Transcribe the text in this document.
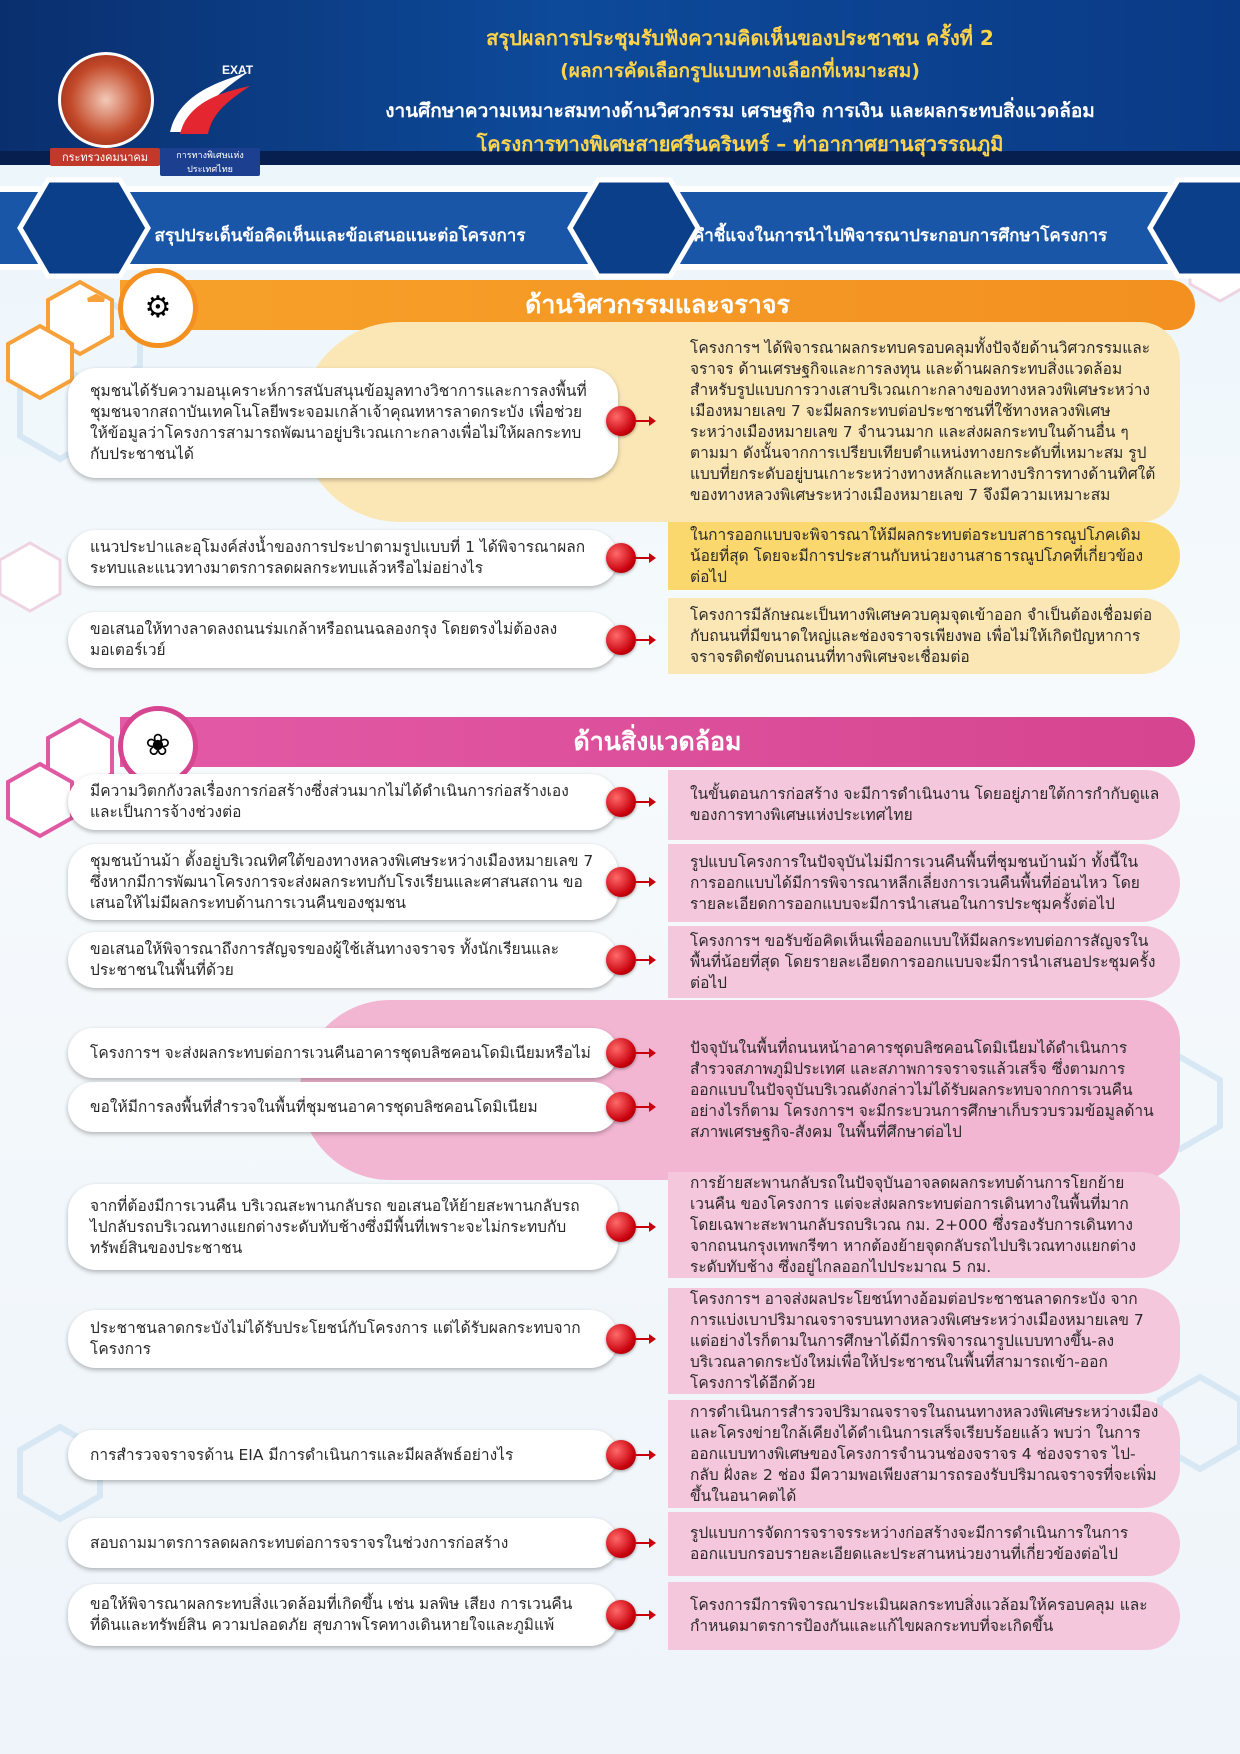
กระทรวงคมนาคม
EXAT
การทางพิเศษแห่งประเทศไทย
สรุปผลการประชุมรับฟังความคิดเห็นของประชาชน ครั้งที่ 2
(ผลการคัดเลือกรูปแบบทางเลือกที่เหมาะสม)
งานศึกษาความเหมาะสมทางด้านวิศวกรรม เศรษฐกิจ การเงิน และผลกระทบสิ่งแวดล้อม
โครงการทางพิเศษสายศรีนครินทร์ – ท่าอากาศยานสุวรรณภูมิ
สรุปประเด็นข้อคิดเห็นและข้อเสนอแนะต่อโครงการ	คำชี้แจงในการนำไปพิจารณาประกอบการศึกษาโครงการ
ด้านวิศวกรรมและจราจร
⚙
โครงการฯ ได้พิจารณาผลกระทบครอบคลุมทั้งปัจจัยด้านวิศวกรรมและจราจร ด้านเศรษฐกิจและการลงทุน และด้านผลกระทบสิ่งแวดล้อม สำหรับรูปแบบการวางเสาบริเวณเกาะกลางของทางหลวงพิเศษระหว่างเมืองหมายเลข 7 จะมีผลกระทบต่อประชาชนที่ใช้ทางหลวงพิเศษระหว่างเมืองหมายเลข 7 จำนวนมาก และส่งผลกระทบในด้านอื่น ๆ ตามมา ดังนั้นจากการเปรียบเทียบตำแหน่งทางยกระดับที่เหมาะสม รูปแบบที่ยกระดับอยู่บนเกาะระหว่างทางหลักและทางบริการทางด้านทิศใต้ของทางหลวงพิเศษระหว่างเมืองหมายเลข 7 จึงมีความเหมาะสม
ชุมชนได้รับความอนุเคราะห์การสนับสนุนข้อมูลทางวิชาการและการลงพื้นที่ชุมชนจากสถาบันเทคโนโลยีพระจอมเกล้าเจ้าคุณทหารลาดกระบัง เพื่อช่วยให้ข้อมูลว่าโครงการสามารถพัฒนาอยู่บริเวณเกาะกลางเพื่อไม่ให้ผลกระทบกับประชาชนได้
ในการออกแบบจะพิจารณาให้มีผลกระทบต่อระบบสาธารณูปโภคเดิมน้อยที่สุด โดยจะมีการประสานกับหน่วยงานสาธารณูปโภคที่เกี่ยวข้องต่อไป
แนวประปาและอุโมงค์ส่งน้ำของการประปาตามรูปแบบที่ 1 ได้พิจารณาผลกระทบและแนวทางมาตรการลดผลกระทบแล้วหรือไม่อย่างไร
โครงการมีลักษณะเป็นทางพิเศษควบคุมจุดเข้าออก จำเป็นต้องเชื่อมต่อกับถนนที่มีขนาดใหญ่และช่องจราจรเพียงพอ เพื่อไม่ให้เกิดปัญหาการจราจรติดขัดบนถนนที่ทางพิเศษจะเชื่อมต่อ
ขอเสนอให้ทางลาดลงถนนร่มเกล้าหรือถนนฉลองกรุง โดยตรงไม่ต้องลงมอเตอร์เวย์
ด้านสิ่งแวดล้อม
❀
ในขั้นตอนการก่อสร้าง จะมีการดำเนินงาน โดยอยู่ภายใต้การกำกับดูแลของการทางพิเศษแห่งประเทศไทย
มีความวิตกกังวลเรื่องการก่อสร้างซึ่งส่วนมากไม่ได้ดำเนินการก่อสร้างเองและเป็นการจ้างช่วงต่อ
รูปแบบโครงการในปัจจุบันไม่มีการเวนคืนพื้นที่ชุมชนบ้านม้า ทั้งนี้ในการออกแบบได้มีการพิจารณาหลีกเลี่ยงการเวนคืนพื้นที่อ่อนไหว โดยรายละเอียดการออกแบบจะมีการนำเสนอในการประชุมครั้งต่อไป
ชุมชนบ้านม้า ตั้งอยู่บริเวณทิศใต้ของทางหลวงพิเศษระหว่างเมืองหมายเลข 7 ซึ่งหากมีการพัฒนาโครงการจะส่งผลกระทบกับโรงเรียนและศาสนสถาน ขอเสนอให้ไม่มีผลกระทบด้านการเวนคืนของชุมชน
โครงการฯ ขอรับข้อคิดเห็นเพื่อออกแบบให้มีผลกระทบต่อการสัญจรในพื้นที่น้อยที่สุด โดยรายละเอียดการออกแบบจะมีการนำเสนอประชุมครั้งต่อไป
ขอเสนอให้พิจารณาถึงการสัญจรของผู้ใช้เส้นทางจราจร ทั้งนักเรียนและประชาชนในพื้นที่ด้วย
ปัจจุบันในพื้นที่ถนนหน้าอาคารชุดบลิซคอนโดมิเนียมได้ดำเนินการสำรวจสภาพภูมิประเทศ และสภาพการจราจรแล้วเสร็จ ซึ่งตามการออกแบบในปัจจุบันบริเวณดังกล่าวไม่ได้รับผลกระทบจากการเวนคืน อย่างไรก็ตาม โครงการฯ จะมีกระบวนการศึกษาเก็บรวบรวมข้อมูลด้านสภาพเศรษฐกิจ-สังคม ในพื้นที่ศึกษาต่อไป
โครงการฯ จะส่งผลกระทบต่อการเวนคืนอาคารชุดบลิซคอนโดมิเนียมหรือไม่
ขอให้มีการลงพื้นที่สำรวจในพื้นที่ชุมชนอาคารชุดบลิซคอนโดมิเนียม
การย้ายสะพานกลับรถในปัจจุบันอาจลดผลกระทบด้านการโยกย้ายเวนคืน ของโครงการ แต่จะส่งผลกระทบต่อการเดินทางในพื้นที่มาก โดยเฉพาะสะพานกลับรถบริเวณ กม. 2+000 ซึ่งรองรับการเดินทางจากถนนกรุงเทพกรีฑา หากต้องย้ายจุดกลับรถไปบริเวณทางแยกต่างระดับทับช้าง ซึ่งอยู่ไกลออกไปประมาณ 5 กม.
จากที่ต้องมีการเวนคืน บริเวณสะพานกลับรถ ขอเสนอให้ย้ายสะพานกลับรถไปกลับรถบริเวณทางแยกต่างระดับทับช้างซึ่งมีพื้นที่เพราะจะไม่กระทบกับทรัพย์สินของประชาชน
โครงการฯ อาจส่งผลประโยชน์ทางอ้อมต่อประชาชนลาดกระบัง จากการแบ่งเบาปริมาณจราจรบนทางหลวงพิเศษระหว่างเมืองหมายเลข 7 แต่อย่างไรก็ตามในการศึกษาได้มีการพิจารณารูปแบบทางขึ้น-ลงบริเวณลาดกระบังใหม่เพื่อให้ประชาชนในพื้นที่สามารถเข้า-ออก โครงการได้อีกด้วย
ประชาชนลาดกระบังไม่ได้รับประโยชน์กับโครงการ แต่ได้รับผลกระทบจากโครงการ
การดำเนินการสำรวจปริมาณจราจรในถนนทางหลวงพิเศษระหว่างเมืองและโครงข่ายใกล้เคียงได้ดำเนินการเสร็จเรียบร้อยแล้ว พบว่า ในการออกแบบทางพิเศษของโครงการจำนวนช่องจราจร 4 ช่องจราจร ไป-กลับ ฝั่งละ 2 ช่อง มีความพอเพียงสามารถรองรับปริมาณจราจรที่จะเพิ่มขึ้นในอนาคตได้
การสำรวจจราจรด้าน EIA มีการดำเนินการและมีผลลัพธ์อย่างไร
รูปแบบการจัดการจราจรระหว่างก่อสร้างจะมีการดำเนินการในการออกแบบกรอบรายละเอียดและประสานหน่วยงานที่เกี่ยวข้องต่อไป
สอบถามมาตรการลดผลกระทบต่อการจราจรในช่วงการก่อสร้าง
โครงการมีการพิจารณาประเมินผลกระทบสิ่งแวล้อมให้ครอบคลุม และกำหนดมาตรการป้องกันและแก้ไขผลกระทบที่จะเกิดขึ้น
ขอให้พิจารณาผลกระทบสิ่งแวดล้อมที่เกิดขึ้น เช่น มลพิษ เสียง การเวนคืนที่ดินและทรัพย์สิน ความปลอดภัย สุขภาพโรคทางเดินหายใจและภูมิแพ้
